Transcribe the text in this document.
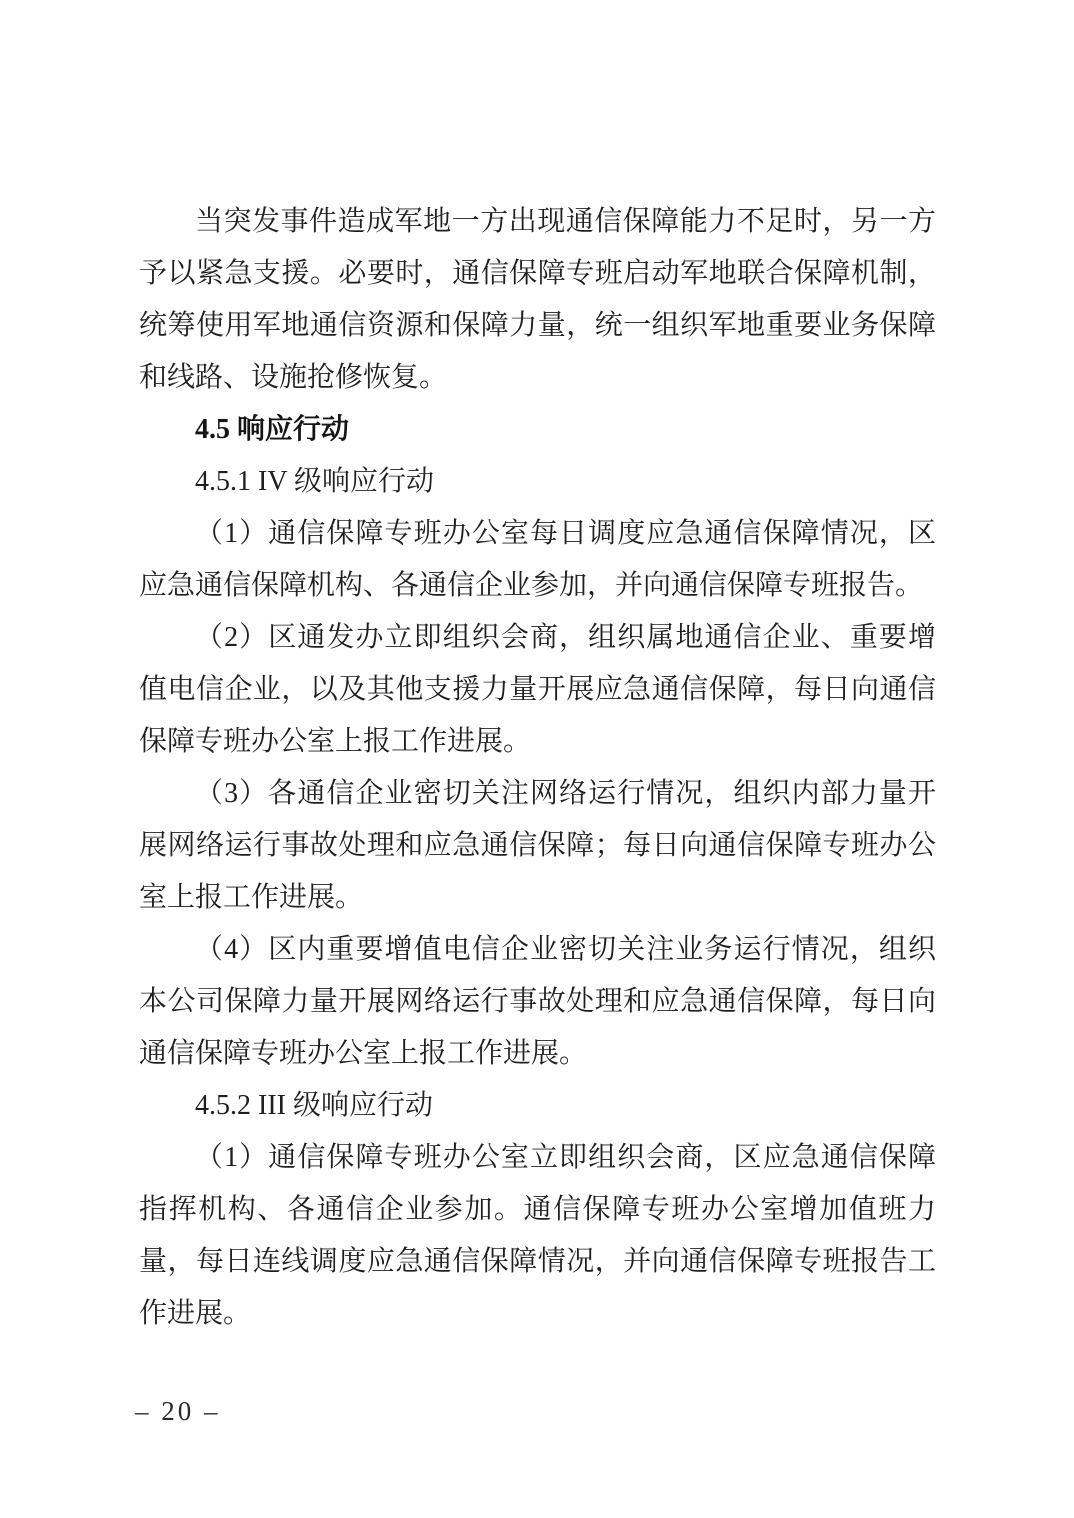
当突发事件造成军地一方出现通信保障能力不足时，另一方予以紧急支援。必要时，通信保障专班启动军地联合保障机制，统筹使用军地通信资源和保障力量，统一组织军地重要业务保障和线路、设施抢修恢复。

4.5 响应行动

4.5.1 IV 级响应行动

（1）通信保障专班办公室每日调度应急通信保障情况，区应急通信保障机构、各通信企业参加，并向通信保障专班报告。

（2）区通发办立即组织会商，组织属地通信企业、重要增值电信企业，以及其他支援力量开展应急通信保障，每日向通信保障专班办公室上报工作进展。

（3）各通信企业密切关注网络运行情况，组织内部力量开展网络运行事故处理和应急通信保障；每日向通信保障专班办公室上报工作进展。

（4）区内重要增值电信企业密切关注业务运行情况，组织本公司保障力量开展网络运行事故处理和应急通信保障，每日向通信保障专班办公室上报工作进展。

4.5.2 III 级响应行动

（1）通信保障专班办公室立即组织会商，区应急通信保障指挥机构、各通信企业参加。通信保障专班办公室增加值班力量，每日连线调度应急通信保障情况，并向通信保障专班报告工作进展。

– 20 –
